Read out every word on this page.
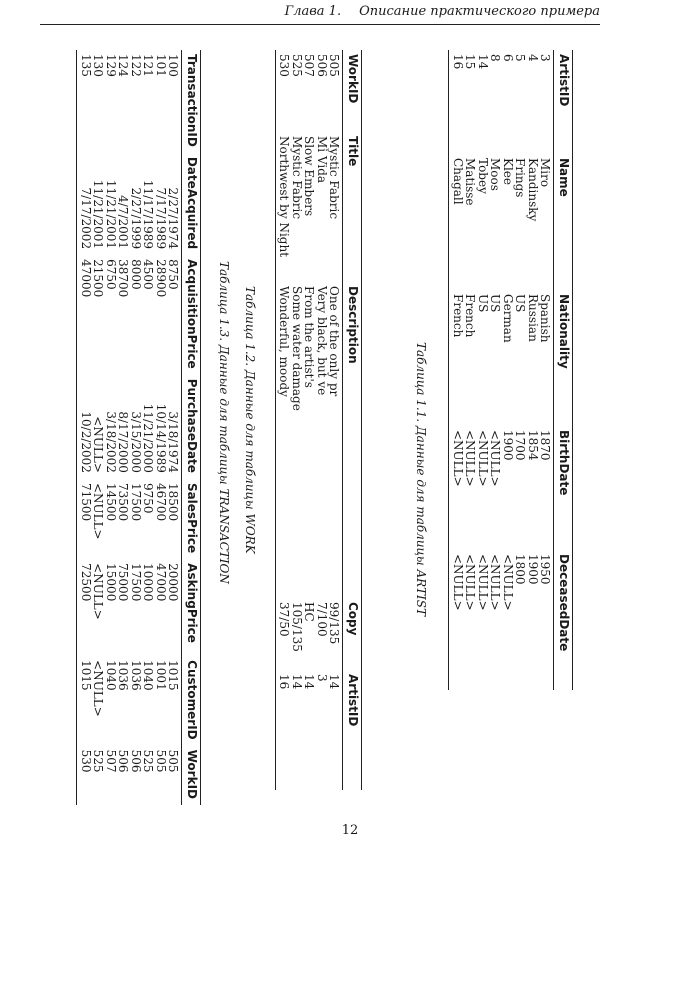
Глава 1. Описание практического примера
ArtistID	Name	Nationality	BirthDate	DeceasedDate
3	Miro	Spanish	1870	1950
4	Kandinsky	Russian	1854	1900
5	Frings	US	1700	1800
6	Klee	German	1900	<NULL>
8	Moos	US	<NULL>	<NULL>
14	Tobey	US	<NULL>	<NULL>
15	Matisse	French	<NULL>	<NULL>
16	Chagall	French	<NULL>	<NULL>
Таблица 1.1. Данные для таблицы ARTIST
WorkID	Title	Description	Copy	ArtistID
505	Mystic Fabric	One of the only pr	99/135	14
506	Mi Vida	Very black, but ve	7/100	3
507	Slow Embers	From the artist's	HC	14
525	Mystic Fabric	Some water damage	105/135	14
530	Northwest by Night	Wonderful, moody	37/50	16
Таблица 1.2. Данные для таблицы WORK
TransactionID	DateAcquired	AcquisitionPrice	PurchaseDate	SalesPrice	AskingPrice	CustomerID	WorkID
100	2/27/1974	8750	3/18/1974	18500	20000	1015	505
101	7/17/1989	28900	10/14/1989	46700	47000	1001	505
121	11/17/1989	4500	11/21/2000	9750	10000	1040	525
122	2/27/1999	8000	3/15/2000	17500	17500	1036	506
124	4/7/2001	38700	8/17/2000	73500	75000	1036	506
129	11/21/2001	6750	3/18/2002	14500	15000	1040	507
130	11/21/2001	21500	<NULL>	<NULL>	<NULL>	<NULL>	525
135	7/17/2002	47000	10/2/2002	71500	72500	1015	530
Таблица 1.3. Данные для таблицы TRANSACTION
12
